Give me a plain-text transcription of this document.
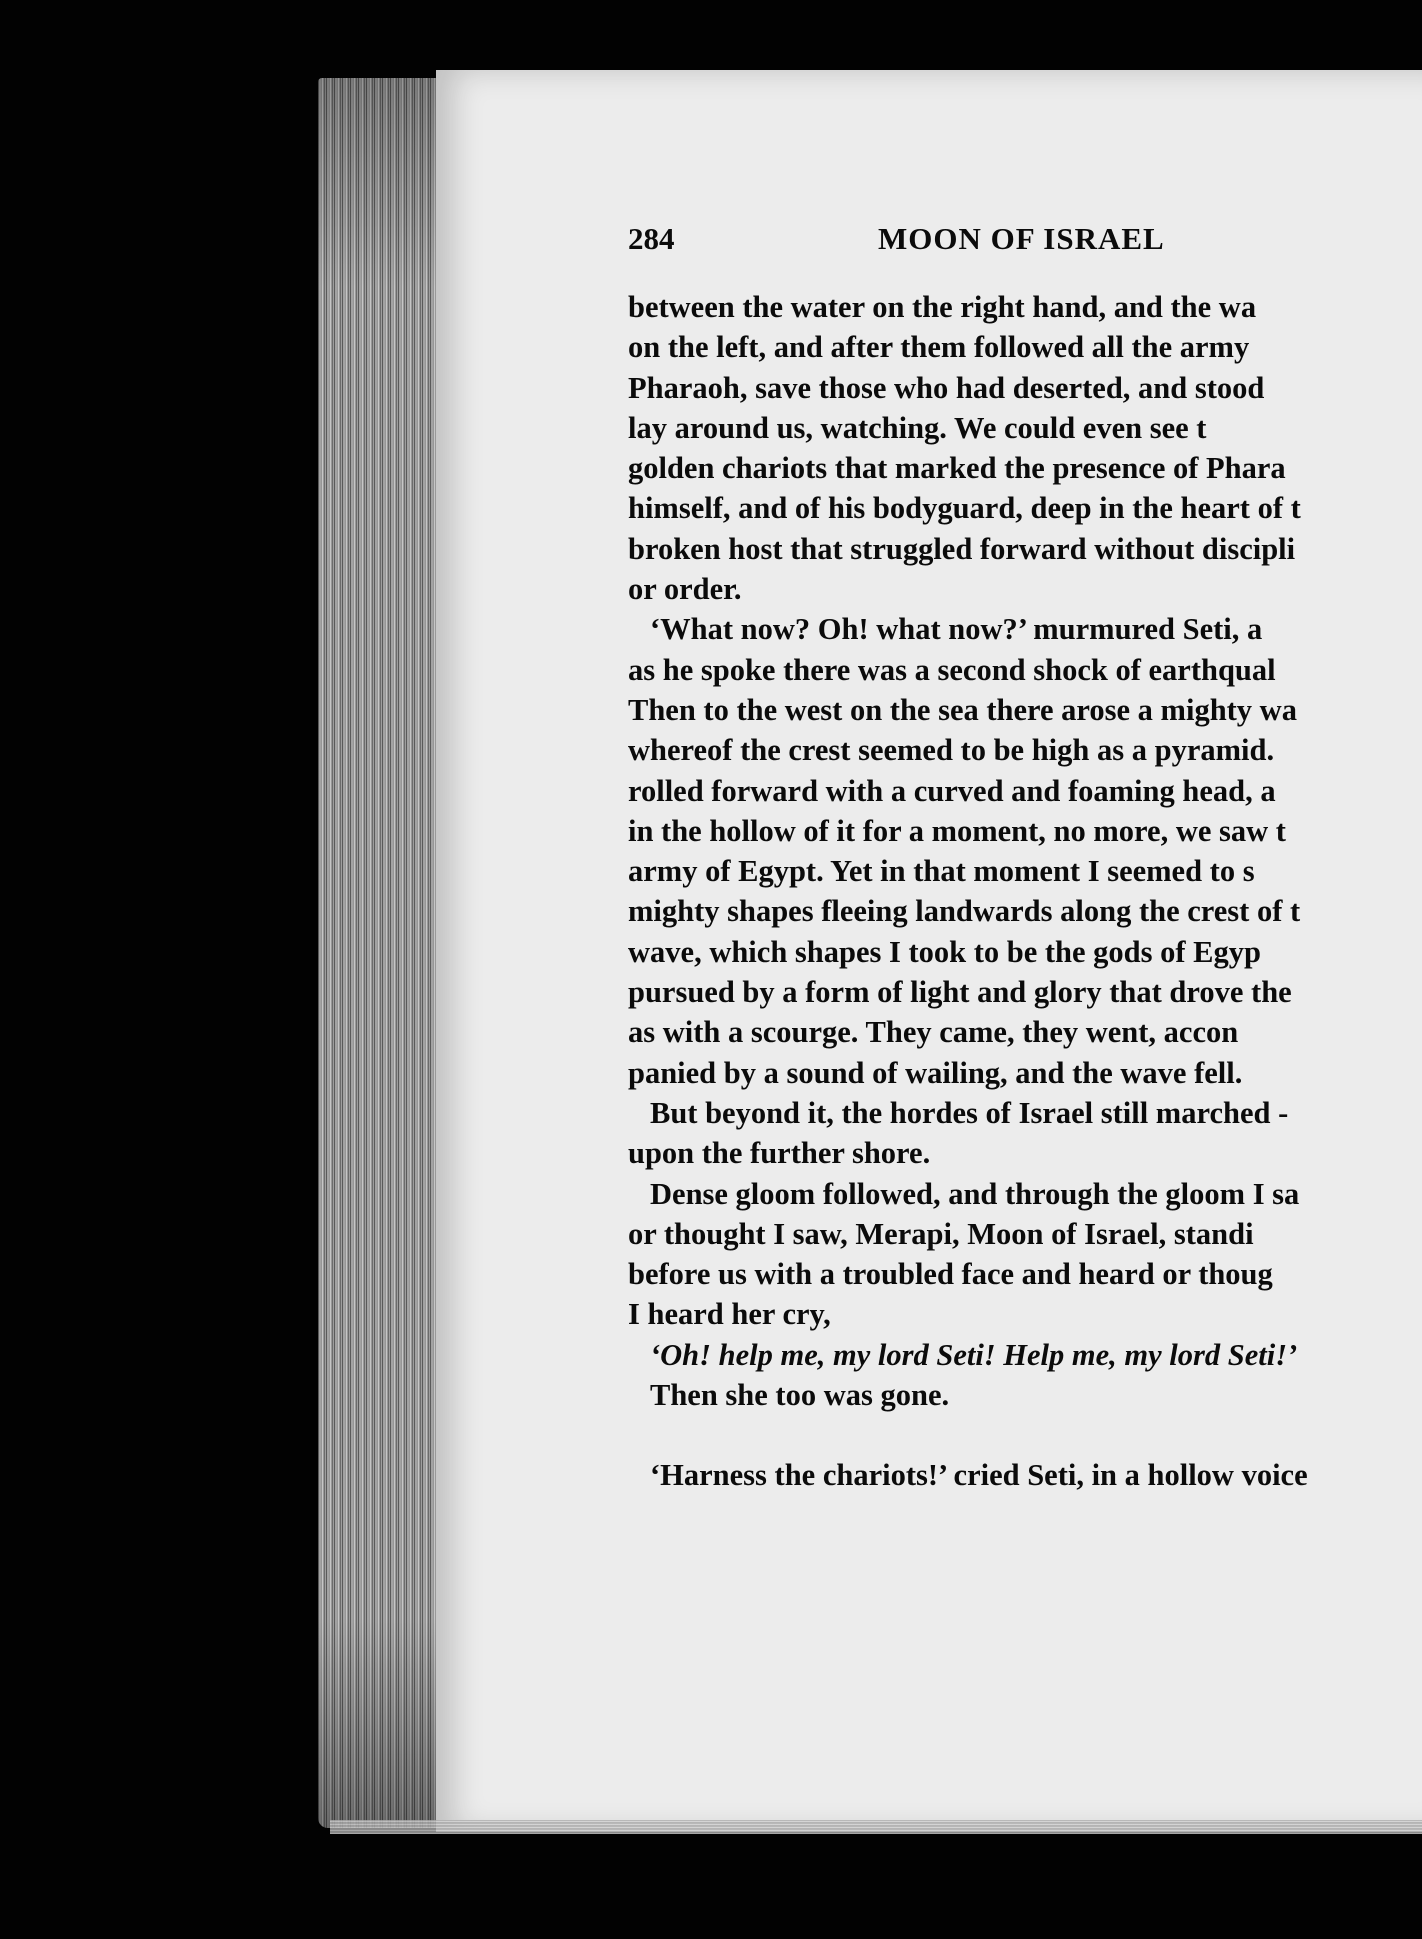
284	MOON OF ISRAEL
between the water on the right hand, and the wa
on the left, and after them followed all the army
Pharaoh, save those who had deserted, and stood
lay around us, watching. We could even see t
golden chariots that marked the presence of Phara
himself, and of his bodyguard, deep in the heart of t
broken host that struggled forward without discipli
or order.
‘What now? Oh! what now?’ murmured Seti, a
as he spoke there was a second shock of earthqual
Then to the west on the sea there arose a mighty wa
whereof the crest seemed to be high as a pyramid.
rolled forward with a curved and foaming head, a
in the hollow of it for a moment, no more, we saw t
army of Egypt. Yet in that moment I seemed to s
mighty shapes fleeing landwards along the crest of t
wave, which shapes I took to be the gods of Egyp
pursued by a form of light and glory that drove the
as with a scourge. They came, they went, accon
panied by a sound of wailing, and the wave fell.
But beyond it, the hordes of Israel still marched -
upon the further shore.
Dense gloom followed, and through the gloom I sa
or thought I saw, Merapi, Moon of Israel, standi
before us with a troubled face and heard or thoug
I heard her cry,
‘Oh! help me, my lord Seti! Help me, my lord Seti!’
Then she too was gone.
‘Harness the chariots!’ cried Seti, in a hollow voice
